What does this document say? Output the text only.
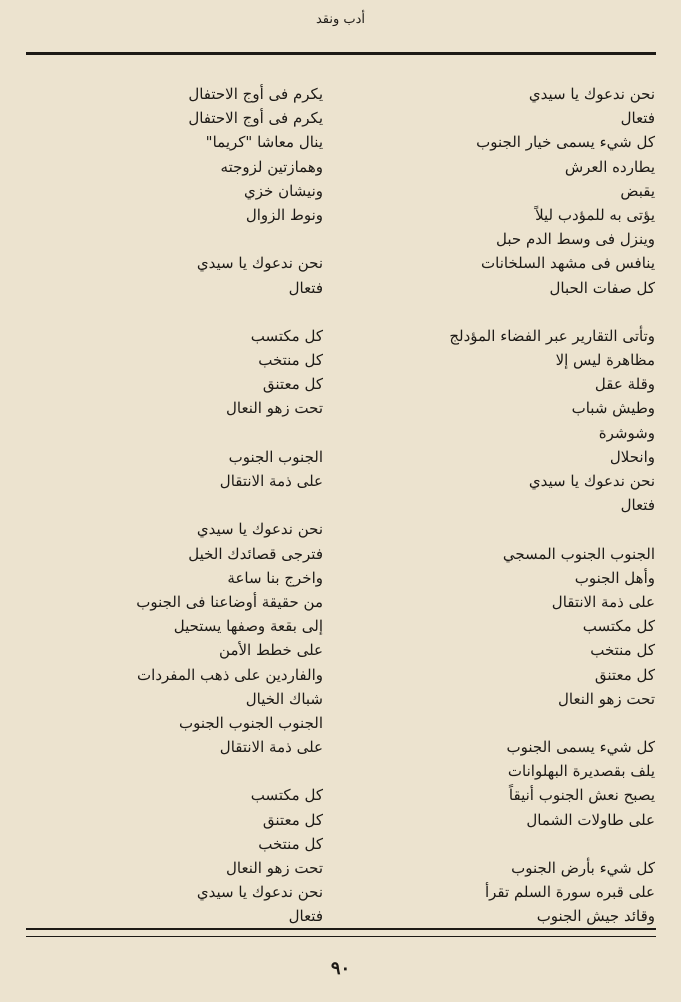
أدب ونقد
نحن ندعوك يا سيدي
فتعال
كل شيء يسمى خيار الجنوب
يطارده العرش
يقبض
يؤتى به للمؤدب ليلاً
وينزل فى وسط الدم حبل
ينافس فى مشهد السلخانات
كل صفات الحبال
وتأتى التقارير عبر الفضاء المؤدلج
مظاهرة ليس إلا
وقلة عقل
وطيش شباب
وشوشرة
وانحلال
نحن ندعوك يا سيدي
فتعال
الجنوب الجنوب المسجي
وأهل الجنوب
على ذمة الانتقال
كل مكتسب
كل منتخب
كل معتنق
تحت زهو النعال
كل شيء يسمى الجنوب
يلف بقصديرة البهلوانات
يصبح نعش الجنوب أنيقاً
على طاولات الشمال
كل شيء بأرض الجنوب
على قبره سورة السلم تقرأ
وقائد جيش الجنوب
يكرم فى أوج الاحتفال
يكرم فى أوج الاحتفال
ينال معاشا "كريما"
وهمازتين لزوجته
ونيشان خزي
ونوط الزوال
نحن ندعوك يا سيدي
فتعال
كل مكتسب
كل منتخب
كل معتنق
تحت زهو النعال
الجنوب الجنوب
على ذمة الانتقال
نحن ندعوك يا سيدي
فترجى قصائدك الخيل
واخرج بنا ساعة
من حقيقة أوضاعنا فى الجنوب
إلى بقعة وصفها يستحيل
على خطط الأمن
والفاردين على ذهب المفردات
شباك الخيال
الجنوب الجنوب الجنوب
على ذمة الانتقال
كل مكتسب
كل معتنق
كل منتخب
تحت زهو النعال
نحن ندعوك يا سيدي
فتعال
٩٠
